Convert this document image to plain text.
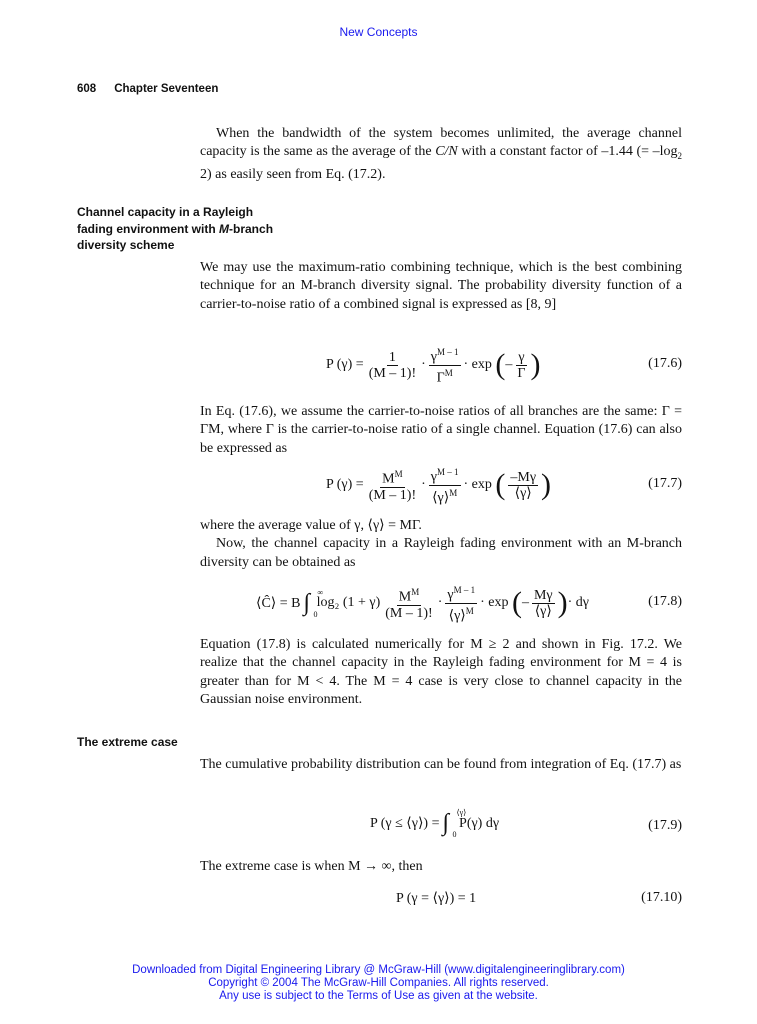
New Concepts
608 Chapter Seventeen

When the bandwidth of the system becomes unlimited, the average channel capacity is the same as the average of the C/N with a constant factor of –1.44 (= $-\log_2$ 2) as easily seen from Eq. (17.2).

Channel capacity in a Rayleigh
fading environment with M-branch
diversity scheme

We may use the maximum-ratio combining technique, which is the best combining technique for an M-branch diversity signal. The probability diversity function of a carrier-to-noise ratio of a combined signal is expressed as [8, 9]

P $(\gamma) = \frac{1}{(M - 1)!} \cdot \frac{\gamma^{M - 1}}{\Gamma^M} \cdot \exp$
( – $\frac{\gamma}{\Gamma}$ )	(17.6)

In Eq. (17.6), we assume the carrier-to-noise ratios of all branches are the same: Γ = ΓM, where Γ is the carrier-to-noise ratio of a single channel. Equation (17.6) can also be expressed as

P $(\gamma) = \frac{M^M}{(M - 1)!} \cdot \frac{\gamma^{M - 1}}{⟨\gamma⟩^M} \cdot \exp$
( $\frac{-M\gamma}{⟨\gamma⟩}$ )	(17.7)

where the average value of γ, ⟨γ⟩ = MΓ.

Now, the channel capacity in a Rayleigh fading environment with an M-branch diversity can be obtained as

⟨Ĉ⟩ = B ∫ ∞
0

log₂ $(1 + \gamma) \frac{M^M}{(M - 1)!} \cdot \frac{\gamma^{M - 1}}{⟨\gamma⟩^M} \cdot \exp$
( – $\frac{M\gamma}{⟨\gamma⟩}$ ) · dγ	(17.8)

Equation (17.8) is calculated numerically for M ≥ 2 and shown in Fig. 17.2. We realize that the channel capacity in the Rayleigh fading environment for M = 4 is greater than for M < 4. The M = 4 case is very close to channel capacity in the Gaussian noise environment.

The extreme case

The cumulative probability distribution can be found from integration of Eq. (17.7) as

P (γ ≤ ⟨γ⟩) = ∫ ⟨γ⟩
0

P(γ) dγ	(17.9)

The extreme case is when M → ∞, then

P (γ = ⟨γ⟩) = 1	(17.10)
Downloaded from Digital Engineering Library @ McGraw-Hill (www.digitalengineeringlibrary.com)
Copyright © 2004 The McGraw-Hill Companies. All rights reserved.
Any use is subject to the Terms of Use as given at the website.
